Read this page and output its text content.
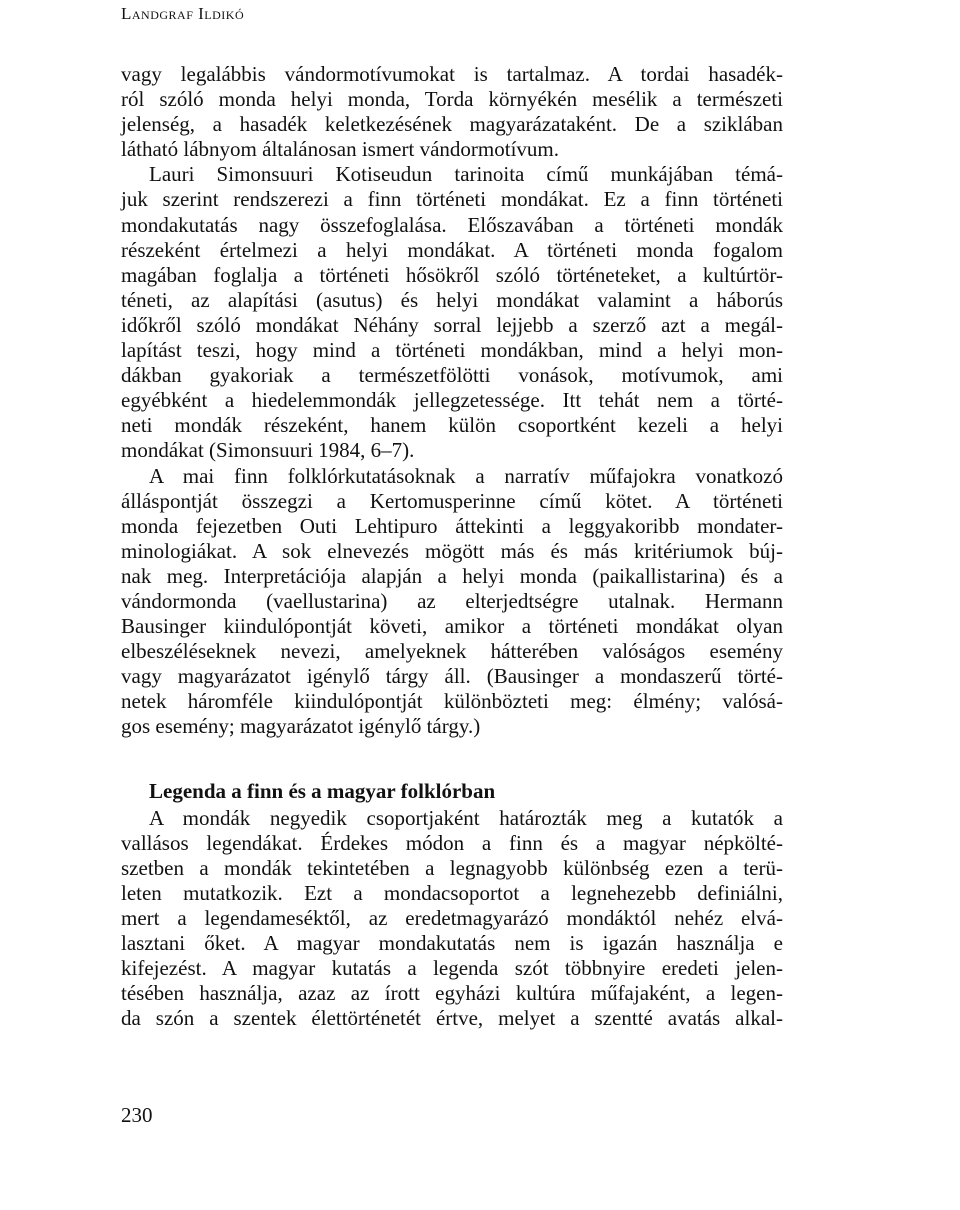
Landgraf Ildikó
vagy legalábbis vándormotívumokat is tartalmaz. A tordai hasadék-
ról szóló monda helyi monda, Torda környékén mesélik a természeti
jelenség, a hasadék keletkezésének magyarázataként. De a sziklában
látható lábnyom általánosan ismert vándormotívum.
Lauri Simonsuuri Kotiseudun tarinoita című munkájában témá-
juk szerint rendszerezi a finn történeti mondákat. Ez a finn történeti
mondakutatás nagy összefoglalása. Előszavában a történeti mondák
részeként értelmezi a helyi mondákat. A történeti monda fogalom
magában foglalja a történeti hősökről szóló történeteket, a kultúrtör-
téneti, az alapítási (asutus) és helyi mondákat valamint a háborús
időkről szóló mondákat Néhány sorral lejjebb a szerző azt a megál-
lapítást teszi, hogy mind a történeti mondákban, mind a helyi mon-
dákban gyakoriak a természetfölötti vonások, motívumok, ami
egyébként a hiedelemmondák jellegzetessége. Itt tehát nem a törté-
neti mondák részeként, hanem külön csoportként kezeli a helyi
mondákat (Simonsuuri 1984, 6–7).
A mai finn folklórkutatásoknak a narratív műfajokra vonatkozó
álláspontját összegzi a Kertomusperinne című kötet. A történeti
monda fejezetben Outi Lehtipuro áttekinti a leggyakoribb mondater-
minologiákat. A sok elnevezés mögött más és más kritériumok búj-
nak meg. Interpretációja alapján a helyi monda (paikallistarina) és a
vándormonda (vaellustarina) az elterjedtségre utalnak. Hermann
Bausinger kiindulópontját követi, amikor a történeti mondákat olyan
elbeszéléseknek nevezi, amelyeknek hátterében valóságos esemény
vagy magyarázatot igénylő tárgy áll. (Bausinger a mondaszerű törté-
netek háromféle kiindulópontját különbözteti meg: élmény; valósá-
gos esemény; magyarázatot igénylő tárgy.)
Legenda a finn és a magyar folklórban
A mondák negyedik csoportjaként határozták meg a kutatók a
vallásos legendákat. Érdekes módon a finn és a magyar népkölté-
szetben a mondák tekintetében a legnagyobb különbség ezen a terü-
leten mutatkozik. Ezt a mondacsoportot a legnehezebb definiálni,
mert a legendameséktől, az eredetmagyarázó mondáktól nehéz elvá-
lasztani őket. A magyar mondakutatás nem is igazán használja e
kifejezést. A magyar kutatás a legenda szót többnyire eredeti jelen-
tésében használja, azaz az írott egyházi kultúra műfajaként, a legen-
da szón a szentek élettörténetét értve, melyet a szentté avatás alkal-
230
